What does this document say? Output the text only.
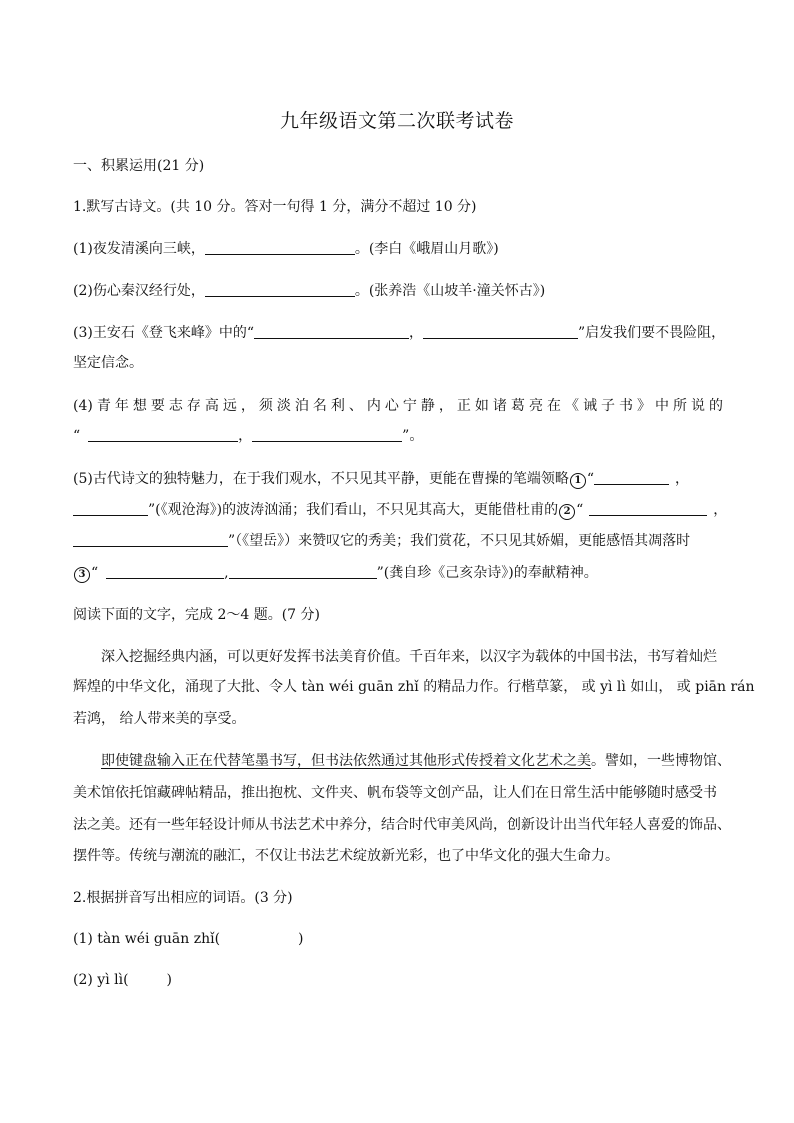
九年级语文第二次联考试卷
一、积累运用(21 分)
1.默写古诗文。(共 10 分。答对一句得 1 分，满分不超过 10 分)
(1)夜发清溪向三峡，	。(李白《峨眉山月歌》)
(2)伤心秦汉经行处，	。(张养浩《山坡羊·潼关怀古》)
(3)王安石《登飞来峰》中的“	，	”启发我们要不畏险阻，
坚定信念。
(4)青年想要志存高远，须淡泊名利、内心宁静，正如诸葛亮在《诫子书》中所说的
“	，	”。
(5)古代诗文的独特魅力，在于我们观水，不只见其平静，更能在曹操的笔端领略 1 “	，
”(《观沧海》)的波涛汹涌；我们看山，不只见其高大，更能借杜甫的 2 “	，
”（《望岳》）来赞叹它的秀美；我们赏花，不只见其娇媚，更能感悟其凋落时
3 “	,	”(龚自珍《己亥杂诗》)的奉献精神。
阅读下面的文字，完成 2～4 题。(7 分)
深入挖掘经典内涵，可以更好发挥书法美育价值。千百年来，以汉字为载体的中国书法，书写着灿烂
辉煌的中华文化，涌现了大批、令人 tàn wéi guān zhǐ 的精品力作。行楷草篆， 或 yì lì 如山， 或 piān rán
若鸿， 给人带来美的享受。
即使键盘输入正在代替笔墨书写，但书法依然通过其他形式传授着文化艺术之美。譬如，一些博物馆、
美术馆依托馆藏碑帖精品，推出抱枕、文件夹、帆布袋等文创产品，让人们在日常生活中能够随时感受书
法之美。还有一些年轻设计师从书法艺术中养分，结合时代审美风尚，创新设计出当代年轻人喜爱的饰品、
摆件等。传统与潮流的融汇，不仅让书法艺术绽放新光彩，也了中华文化的强大生命力。
2.根据拼音写出相应的词语。(3 分)
(1) tàn wéi guān zhǐ(	)
(2) yì lì(	)
